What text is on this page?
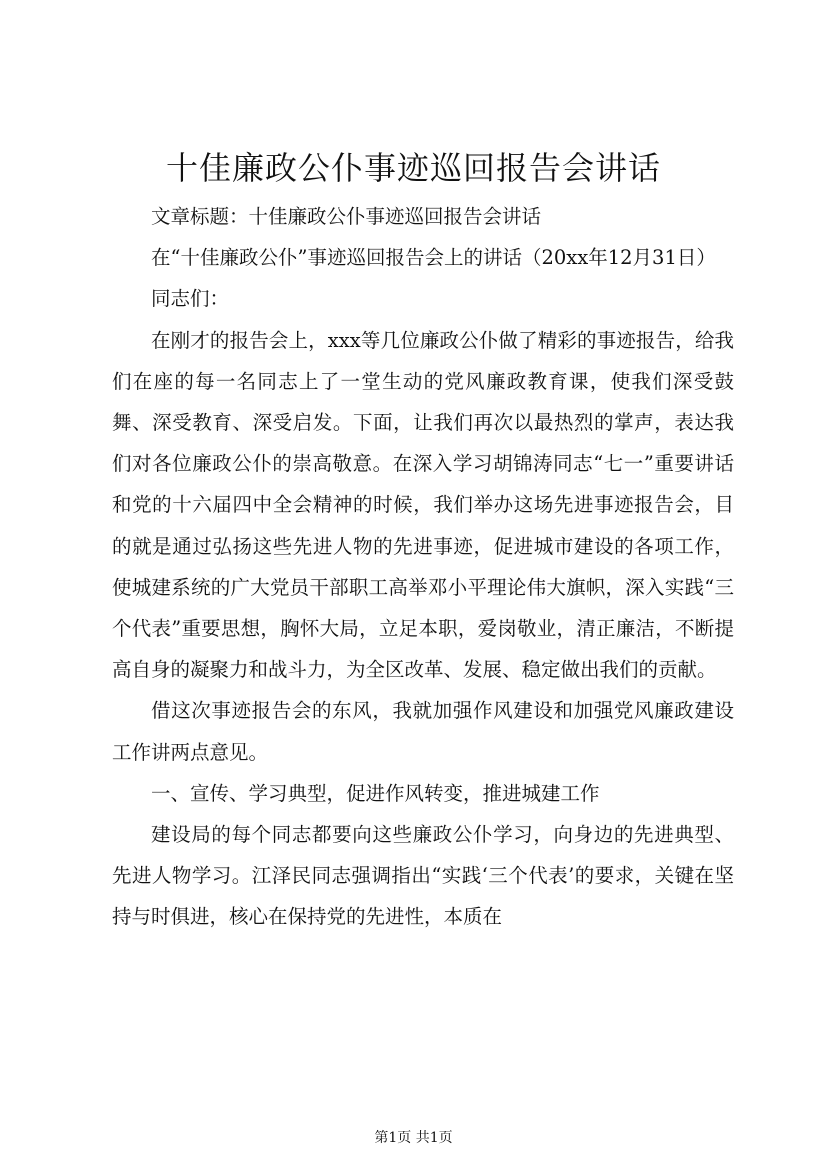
十佳廉政公仆事迹巡回报告会讲话

文章标题：十佳廉政公仆事迹巡回报告会讲话

在“十佳廉政公仆”事迹巡回报告会上的讲话（20xx年12月31日）

同志们：

在刚才的报告会上，xxx等几位廉政公仆做了精彩的事迹报告，给我们在座的每一名同志上了一堂生动的党风廉政教育课，使我们深受鼓舞、深受教育、深受启发。下面，让我们再次以最热烈的掌声，表达我们对各位廉政公仆的崇高敬意。在深入学习胡锦涛同志“七一”重要讲话和党的十六届四中全会精神的时候，我们举办这场先进事迹报告会，目的就是通过弘扬这些先进人物的先进事迹，促进城市建设的各项工作，使城建系统的广大党员干部职工高举邓小平理论伟大旗帜，深入实践“三个代表”重要思想，胸怀大局，立足本职，爱岗敬业，清正廉洁，不断提高自身的凝聚力和战斗力，为全区改革、发展、稳定做出我们的贡献。

借这次事迹报告会的东风，我就加强作风建设和加强党风廉政建设工作讲两点意见。

一、宣传、学习典型，促进作风转变，推进城建工作

建设局的每个同志都要向这些廉政公仆学习，向身边的先进典型、先进人物学习。江泽民同志强调指出“实践‘三个代表’的要求，关键在坚持与时俱进，核心在保持党的先进性，本质在

第1页 共1页
